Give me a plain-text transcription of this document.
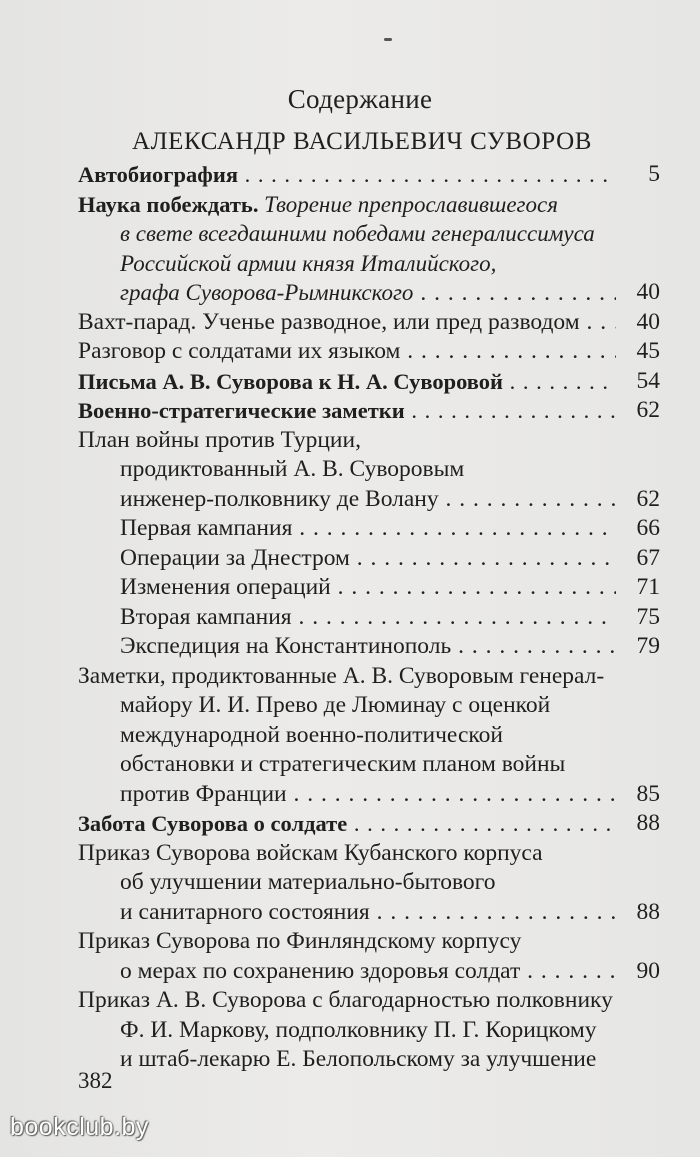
Содержание
АЛЕКСАНДР ВАСИЛЬЕВИЧ СУВОРОВ
Автобиография . . .	5
Наука побеждать. Творение препрославившегося
в свете всегдашними победами генералиссимуса
Российской армии князя Италийского,
графа Суворова-Рымникского . . .	40
Вахт-парад. Ученье разводное, или пред разводом . . .	40
Разговор с солдатами их языком . . .	45
Письма А. В. Суворова к Н. А. Суворовой . . .	54
Военно-стратегические заметки . . .	62
План войны против Турции,
продиктованный А. В. Суворовым
инженер-полковнику де Волану . . .	62
Первая кампания . . .	66
Операции за Днестром . . .	67
Изменения операций . . .	71
Вторая кампания . . .	75
Экспедиция на Константинополь . . .	79
Заметки, продиктованные А. В. Суворовым генерал-
майору И. И. Прево де Люминау с оценкой
международной военно-политической
обстановки и стратегическим планом войны
против Франции . . .	85
Забота Суворова о солдате . . .	88
Приказ Суворова войскам Кубанского корпуса
об улучшении материально-бытового
и санитарного состояния . . .	88
Приказ Суворова по Финляндскому корпусу
о мерах по сохранению здоровья солдат . . .	90
Приказ А. В. Суворова с благодарностью полковнику
Ф. И. Маркову, подполковнику П. Г. Корицкому
и штаб-лекарю Е. Белопольскому за улучшение
382
bookclub.by
